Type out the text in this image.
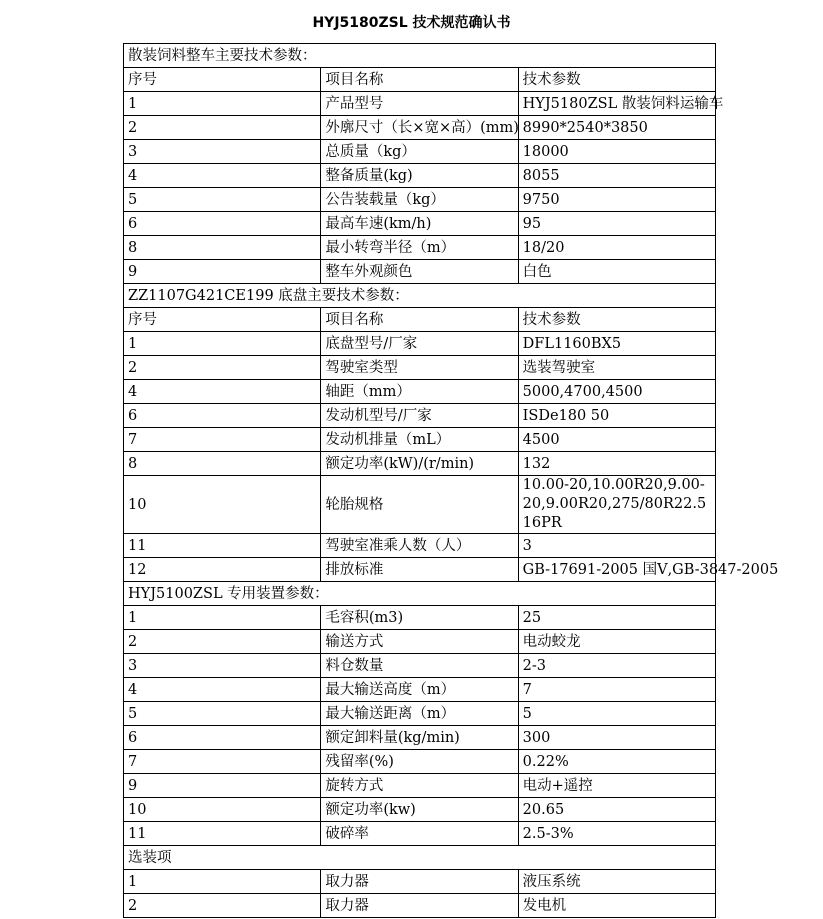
HYJ5180ZSL 技术规范确认书
散装饲料整车主要技术参数：		
序号	项目名称	技术参数
1	产品型号	HYJ5180ZSL 散装饲料运输车
2	外廓尺寸（长×宽×高）(mm)	8990*2540*3850
3	总质量（kg）	18000
4	整备质量(kg)	8055
5	公告装载量（kg）	9750
6	最高车速(km/h)	95
8	最小转弯半径（m）	18/20
9	整车外观颜色	白色
ZZ1107G421CE199 底盘主要技术参数：		
序号	项目名称	技术参数
1	底盘型号/厂家	DFL1160BX5
2	驾驶室类型	选装驾驶室
4	轴距（mm）	5000,4700,4500
6	发动机型号/厂家	ISDe180 50
7	发动机排量（mL）	4500
8	额定功率(kW)/(r/min)	132
10	轮胎规格	10.00-20,10.00R20,9.00-20,9.00R20,275/80R22.5 16PR
11	驾驶室准乘人数（人）	3
12	排放标准	GB-17691-2005 国Ⅴ,GB-3847-2005
HYJ5100ZSL 专用装置参数：		
1	毛容积(m3)	25
2	输送方式	电动蛟龙
3	料仓数量	2-3
4	最大输送高度（m）	7
5	最大输送距离（m）	5
6	额定卸料量(kg/min)	300
7	残留率(%)	0.22%
9	旋转方式	电动+遥控
10	额定功率(kw)	20.65
11	破碎率	2.5-3%
选装项		
1	取力器	液压系统
2	取力器	发电机
